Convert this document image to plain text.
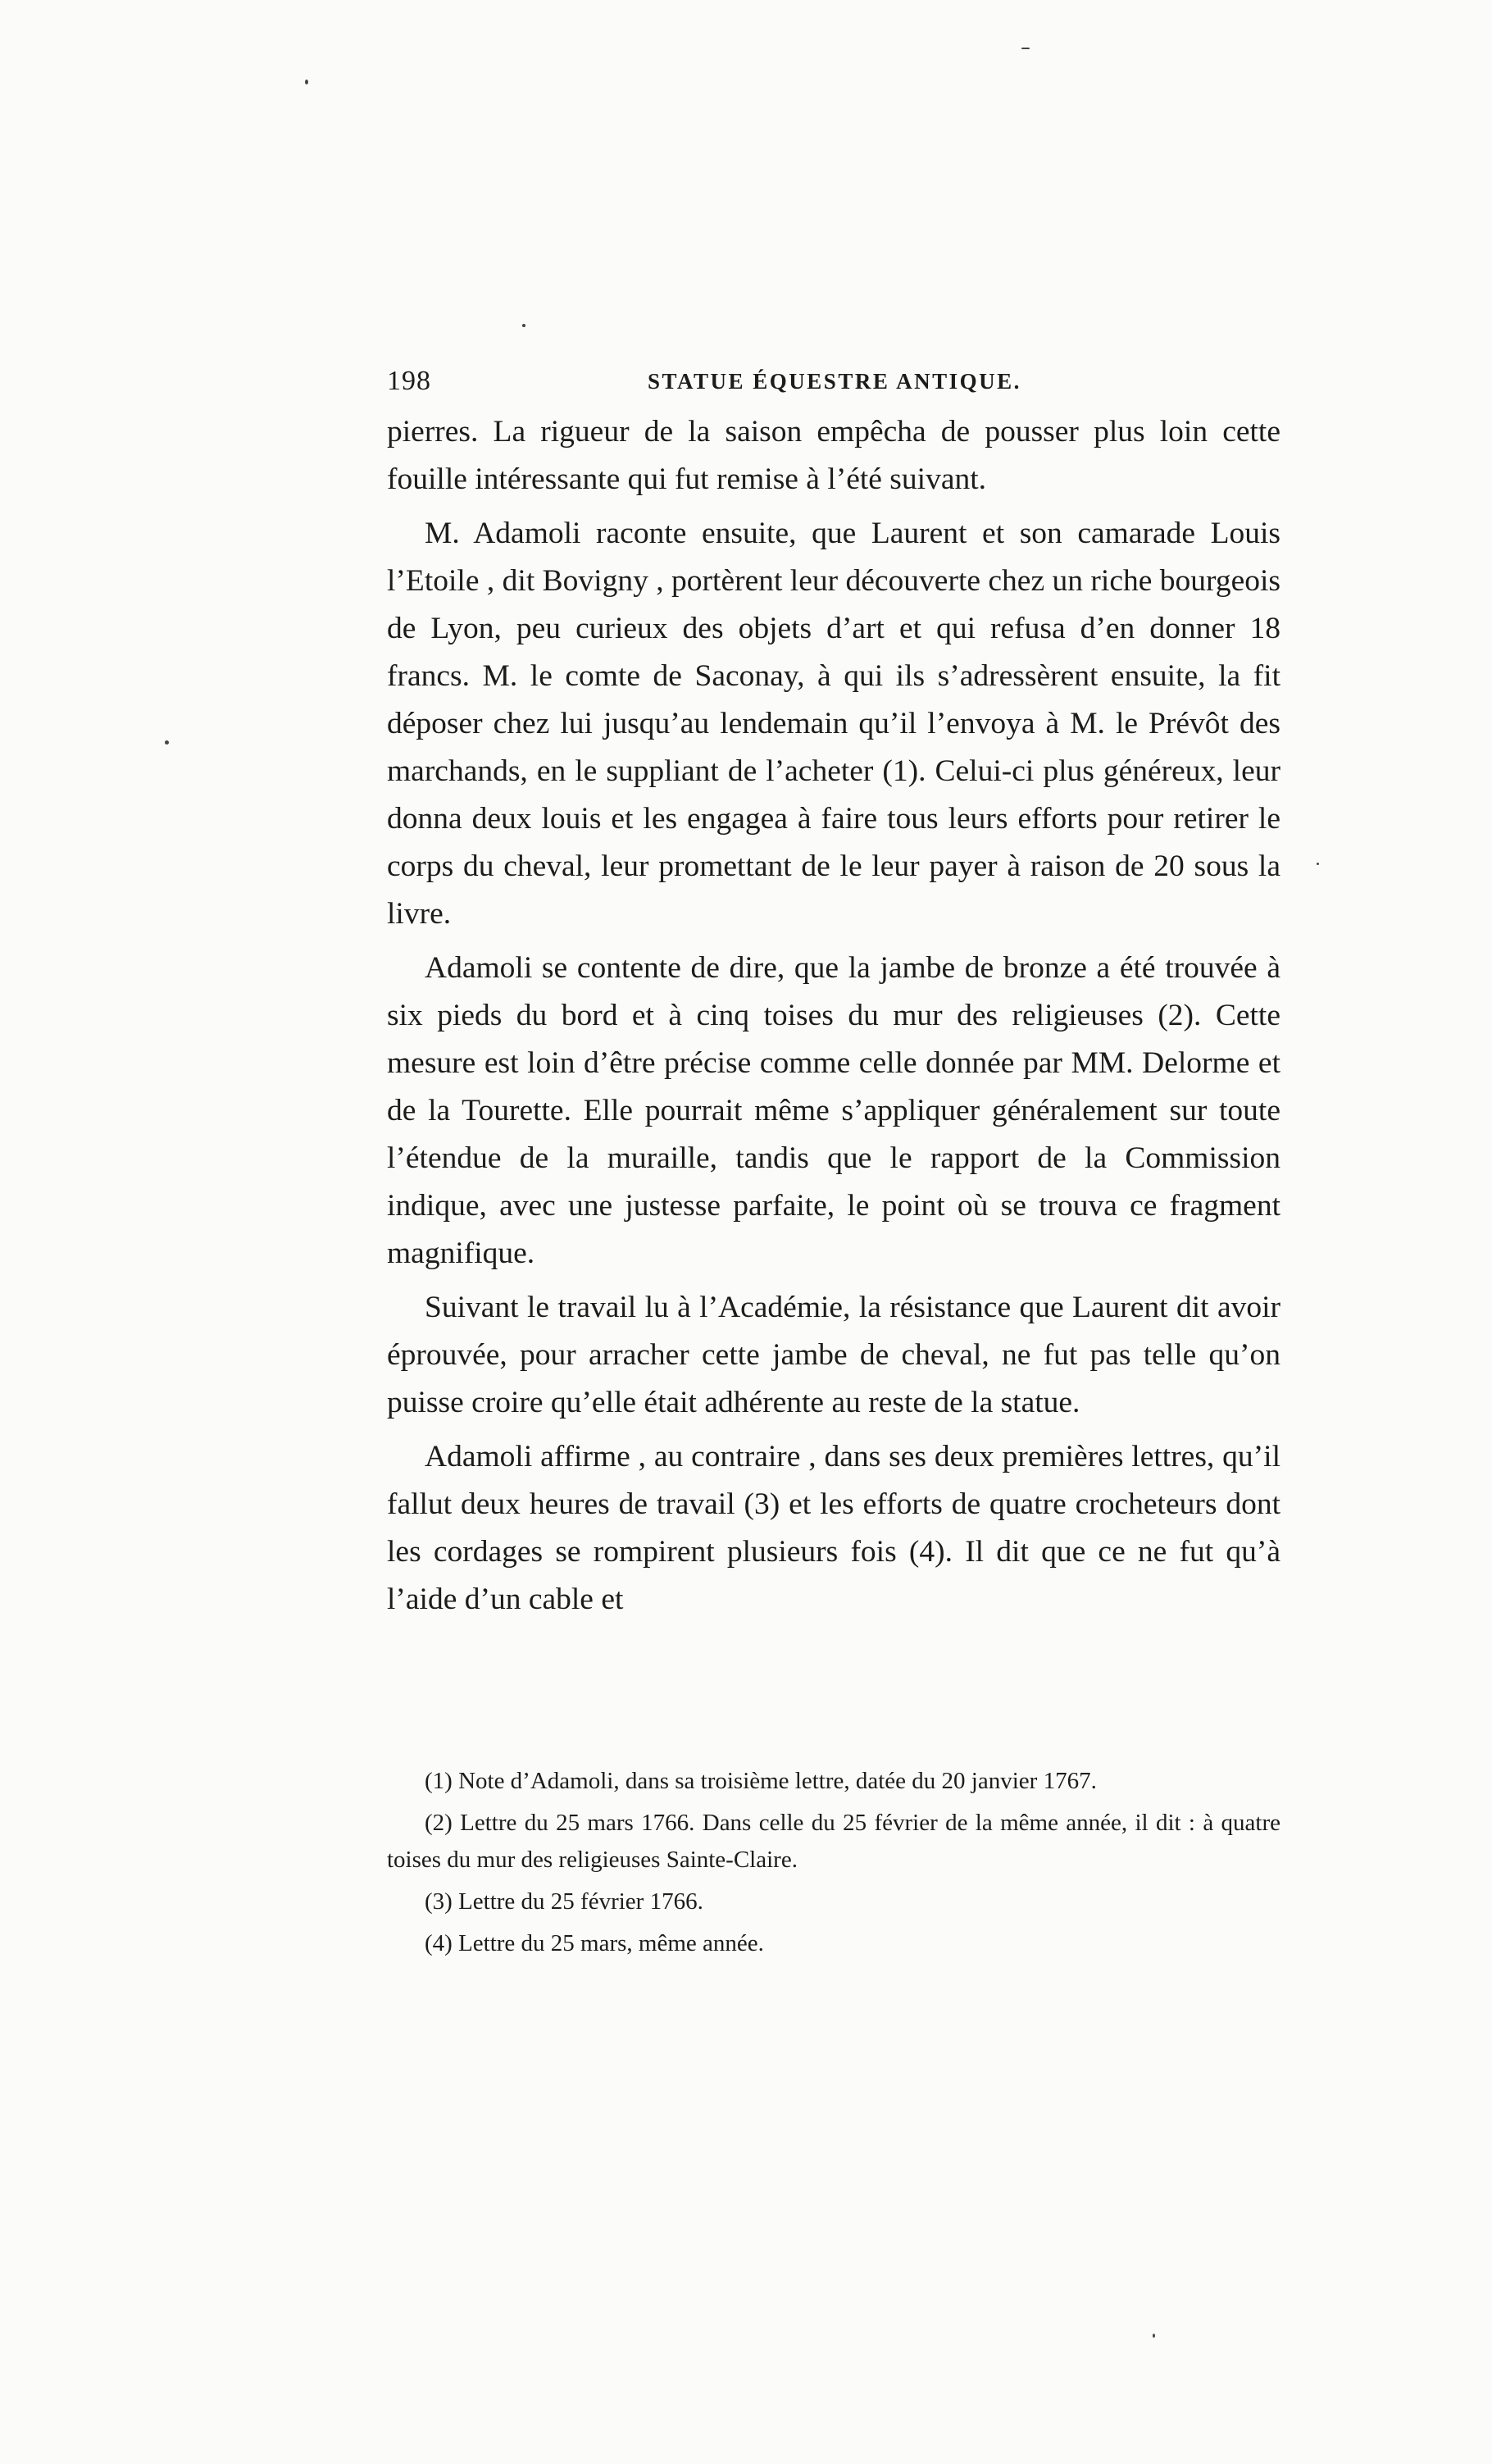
198	STATUE ÉQUESTRE ANTIQUE.

pierres. La rigueur de la saison empêcha de pousser plus loin cette fouille intéressante qui fut remise à l’été suivant.

M. Adamoli raconte ensuite, que Laurent et son camarade Louis l’Etoile , dit Bovigny , portèrent leur découverte chez un riche bourgeois de Lyon, peu curieux des objets d’art et qui refusa d’en donner 18 francs. M. le comte de Saconay, à qui ils s’adressèrent ensuite, la fit déposer chez lui jusqu’au lendemain qu’il l’envoya à M. le Prévôt des marchands, en le suppliant de l’acheter (1). Celui-ci plus généreux, leur donna deux louis et les engagea à faire tous leurs efforts pour retirer le corps du cheval, leur promettant de le leur payer à raison de 20 sous la livre.

Adamoli se contente de dire, que la jambe de bronze a été trouvée à six pieds du bord et à cinq toises du mur des religieuses (2). Cette mesure est loin d’être précise comme celle donnée par MM. Delorme et de la Tourette. Elle pourrait même s’appliquer généralement sur toute l’étendue de la muraille, tandis que le rapport de la Commission indique, avec une justesse parfaite, le point où se trouva ce fragment magnifique.

Suivant le travail lu à l’Académie, la résistance que Laurent dit avoir éprouvée, pour arracher cette jambe de cheval, ne fut pas telle qu’on puisse croire qu’elle était adhérente au reste de la statue.

Adamoli affirme , au contraire , dans ses deux premières lettres, qu’il fallut deux heures de travail (3) et les efforts de quatre crocheteurs dont les cordages se rompirent plusieurs fois (4). Il dit que ce ne fut qu’à l’aide d’un cable et

(1) Note d’Adamoli, dans sa troisième lettre, datée du 20 janvier 1767.

(2) Lettre du 25 mars 1766. Dans celle du 25 février de la même année, il dit : à quatre toises du mur des religieuses Sainte-Claire.

(3) Lettre du 25 février 1766.

(4) Lettre du 25 mars, même année.
